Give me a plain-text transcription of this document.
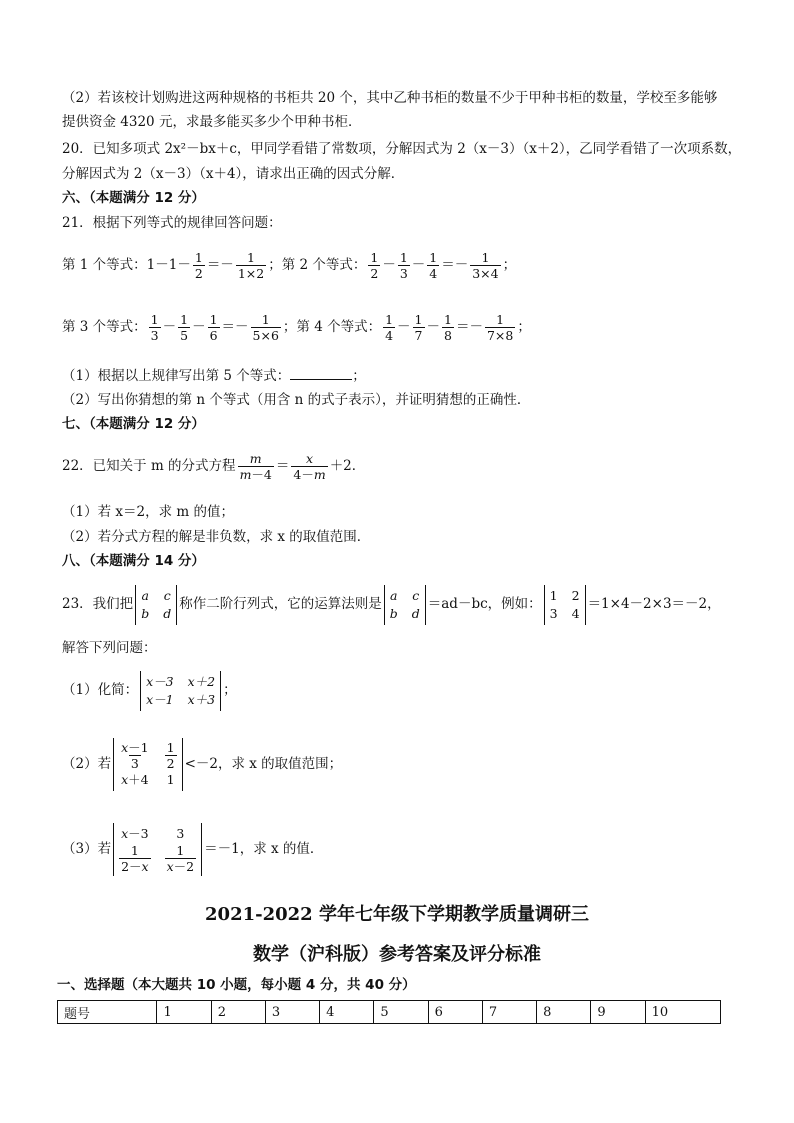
（2）若该校计划购进这两种规格的书柜共 20 个，其中乙种书柜的数量不少于甲种书柜的数量，学校至多能够
提供资金 4320 元，求最多能买多少个甲种书柜．
20．已知多项式 2x²－bx＋c，甲同学看错了常数项，分解因式为 2（x－3）（x＋2），乙同学看错了一次项系数，
分解因式为 2（x－3）（x＋4），请求出正确的因式分解．
六、（本题满分 12 分）
21．根据下列等式的规律回答问题：
第 1 个等式：$1-1- \frac{1}{2} =- \frac{1}{1\times 2}$ ；第 2 个等式： $\frac{1}{2} - \frac{1}{3} - \frac{1}{4} =- \frac{1}{3\times 4}$ ；
第 3 个等式： $\frac{1}{3} - \frac{1}{5} - \frac{1}{6} =- \frac{1}{5\times 6}$ ；第 4 个等式： $\frac{1}{4} - \frac{1}{7} - \frac{1}{8} =- \frac{1}{7\times 8}$ ；
（1）根据以上规律写出第 5 个等式：	；
（2）写出你猜想的第 n 个等式（用含 n 的式子表示），并证明猜想的正确性．
七、（本题满分 12 分）
22．已知关于 m 的分式方程 $\frac{m}{m-4} = \frac{x}{4-m} +2$．
（1）若 x＝2，求 m 的值；
（2）若分式方程的解是非负数，求 x 的取值范围．
八、（本题满分 14 分）
23．我们把
a c
b d
称作二阶行列式，它的运算法则是
a c
b d
＝ad－bc，例如：
1 2
3 4
＝1×4－2×3＝－2，
解答下列问题：
（1）化简：
x－3 x＋2
x－1 x＋3
；
（2）若 $\frac{x-1}{3} \frac{1}{2}$
x＋4 1
<－2，求 x 的取值范围；
（3）若
x－3	3
$\frac{1}{2-x} \frac{1}{x-2} =-1$，求 x 的值．
2021-2022 学年七年级下学期教学质量调研三
数学（沪科版）参考答案及评分标准
一、选择题（本大题共 10 小题，每小题 4 分，共 40 分）
题号	1	2	3	4	5	6	7	8	9	10
